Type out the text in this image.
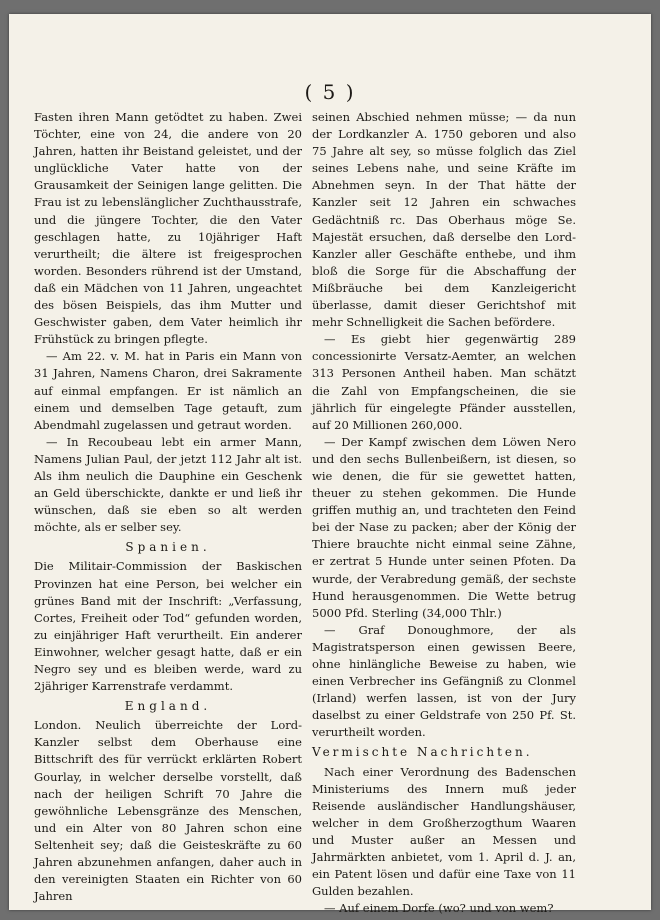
( 5 )

Fasten ihren Mann getödtet zu haben. Zwei Töchter, eine von 24, die andere von 20 Jahren, hatten ihr Beistand geleistet, und der unglückliche Vater hatte von der Grausamkeit der Seinigen lange gelitten. Die Frau ist zu lebenslänglicher Zuchthausstrafe, und die jüngere Tochter, die den Vater geschlagen hatte, zu 10jähriger Haft verurtheilt; die ältere ist freigesprochen worden. Besonders rührend ist der Umstand, daß ein Mädchen von 11 Jahren, ungeachtet des bösen Beispiels, das ihm Mutter und Geschwister gaben, dem Vater heimlich ihr Frühstück zu bringen pflegte.

— Am 22. v. M. hat in Paris ein Mann von 31 Jahren, Namens Charon, drei Sakramente auf einmal empfangen. Er ist nämlich an einem und demselben Tage getauft, zum Abendmahl zugelassen und getraut worden.

— In Recoubeau lebt ein armer Mann, Namens Julian Paul, der jetzt 112 Jahr alt ist. Als ihm neulich die Dauphine ein Geschenk an Geld überschickte, dankte er und ließ ihr wünschen, daß sie eben so alt werden möchte, als er selber sey.

Spanien.

Die Militair-Commission der Baskischen Provinzen hat eine Person, bei welcher ein grünes Band mit der Inschrift: „Verfassung, Cortes, Freiheit oder Tod“ gefunden worden, zu einjähriger Haft verurtheilt. Ein anderer Einwohner, welcher gesagt hatte, daß er ein Negro sey und es bleiben werde, ward zu 2jähriger Karrenstrafe verdammt.

England.

London. Neulich überreichte der Lord-Kanzler selbst dem Oberhause eine Bittschrift des für verrückt erklärten Robert Gourlay, in welcher derselbe vorstellt, daß nach der heiligen Schrift 70 Jahre die gewöhnliche Lebensgränze des Menschen, und ein Alter von 80 Jahren schon eine Seltenheit sey; daß die Geisteskräfte zu 60 Jahren abzunehmen anfangen, daher auch in den vereinigten Staaten ein Richter von 60 Jahren

seinen Abschied nehmen müsse; — da nun der Lordkanzler A. 1750 geboren und also 75 Jahre alt sey, so müsse folglich das Ziel seines Lebens nahe, und seine Kräfte im Abnehmen seyn. In der That hätte der Kanzler seit 12 Jahren ein schwaches Gedächtniß rc. Das Oberhaus möge Se. Majestät ersuchen, daß derselbe den Lord-Kanzler aller Geschäfte enthebe, und ihm bloß die Sorge für die Abschaffung der Mißbräuche bei dem Kanzleigericht überlasse, damit dieser Gerichtshof mit mehr Schnelligkeit die Sachen befördere.

— Es giebt hier gegenwärtig 289 concessionirte Versatz-Aemter, an welchen 313 Personen Antheil haben. Man schätzt die Zahl von Empfangscheinen, die sie jährlich für eingelegte Pfänder ausstellen, auf 20 Millionen 260,000.

— Der Kampf zwischen dem Löwen Nero und den sechs Bullenbeißern, ist diesen, so wie denen, die für sie gewettet hatten, theuer zu stehen gekommen. Die Hunde griffen muthig an, und trachteten den Feind bei der Nase zu packen; aber der König der Thiere brauchte nicht einmal seine Zähne, er zertrat 5 Hunde unter seinen Pfoten. Da wurde, der Verabredung gemäß, der sechste Hund herausgenommen. Die Wette betrug 5000 Pfd. Sterling (34,000 Thlr.)

— Graf Donoughmore, der als Magistratsperson einen gewissen Beere, ohne hinlängliche Beweise zu haben, wie einen Verbrecher ins Gefängniß zu Clonmel (Irland) werfen lassen, ist von der Jury daselbst zu einer Geldstrafe von 250 Pf. St. verurtheilt worden.

Vermischte Nachrichten.

Nach einer Verordnung des Badenschen Ministeriums des Innern muß jeder Reisende ausländischer Handlungshäuser, welcher in dem Großherzogthum Waaren und Muster außer an Messen und Jahrmärkten anbietet, vom 1. April d. J. an, ein Patent lösen und dafür eine Taxe von 11 Gulden bezahlen.

— Auf einem Dorfe (wo? und von wem?
